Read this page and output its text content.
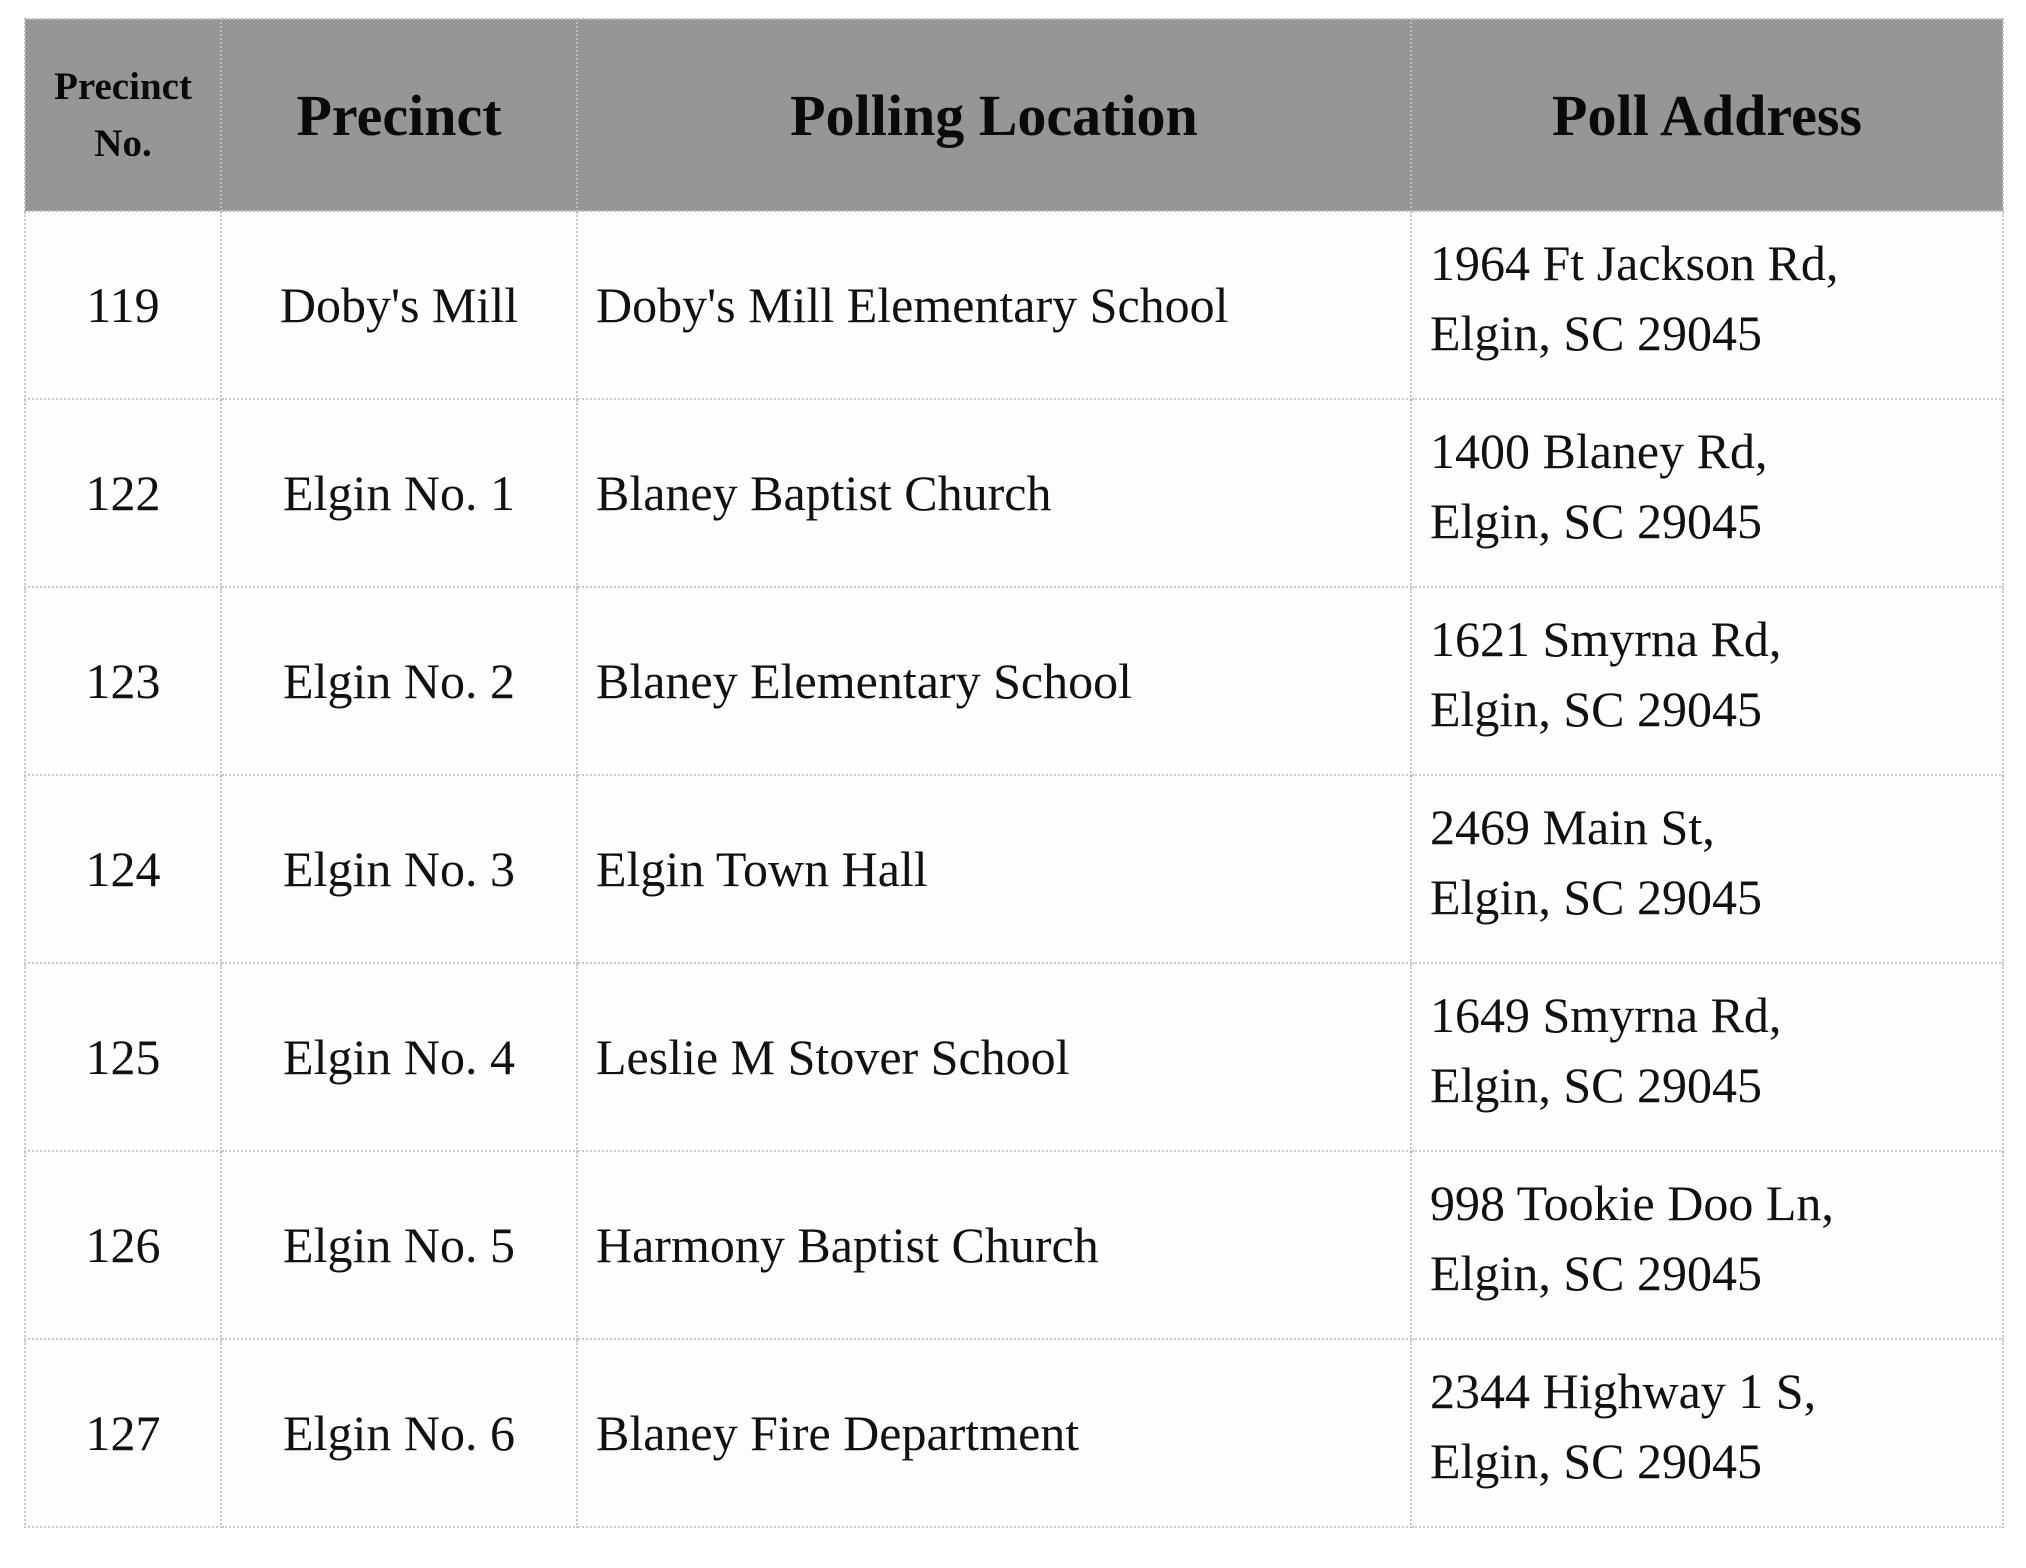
Precinct
No.	Precinct	Polling Location	Poll Address
119	Doby's Mill	Doby's Mill Elementary School	1964 Ft Jackson Rd,
Elgin, SC 29045

122	Elgin No. 1	Blaney Baptist Church	1400 Blaney Rd,
Elgin, SC 29045

123	Elgin No. 2	Blaney Elementary School	1621 Smyrna Rd,
Elgin, SC 29045

124	Elgin No. 3	Elgin Town Hall	2469 Main St,
Elgin, SC 29045

125	Elgin No. 4	Leslie M Stover School	1649 Smyrna Rd,
Elgin, SC 29045

126	Elgin No. 5	Harmony Baptist Church	998 Tookie Doo Ln,
Elgin, SC 29045

127	Elgin No. 6	Blaney Fire Department	2344 Highway 1 S,
Elgin, SC 29045
